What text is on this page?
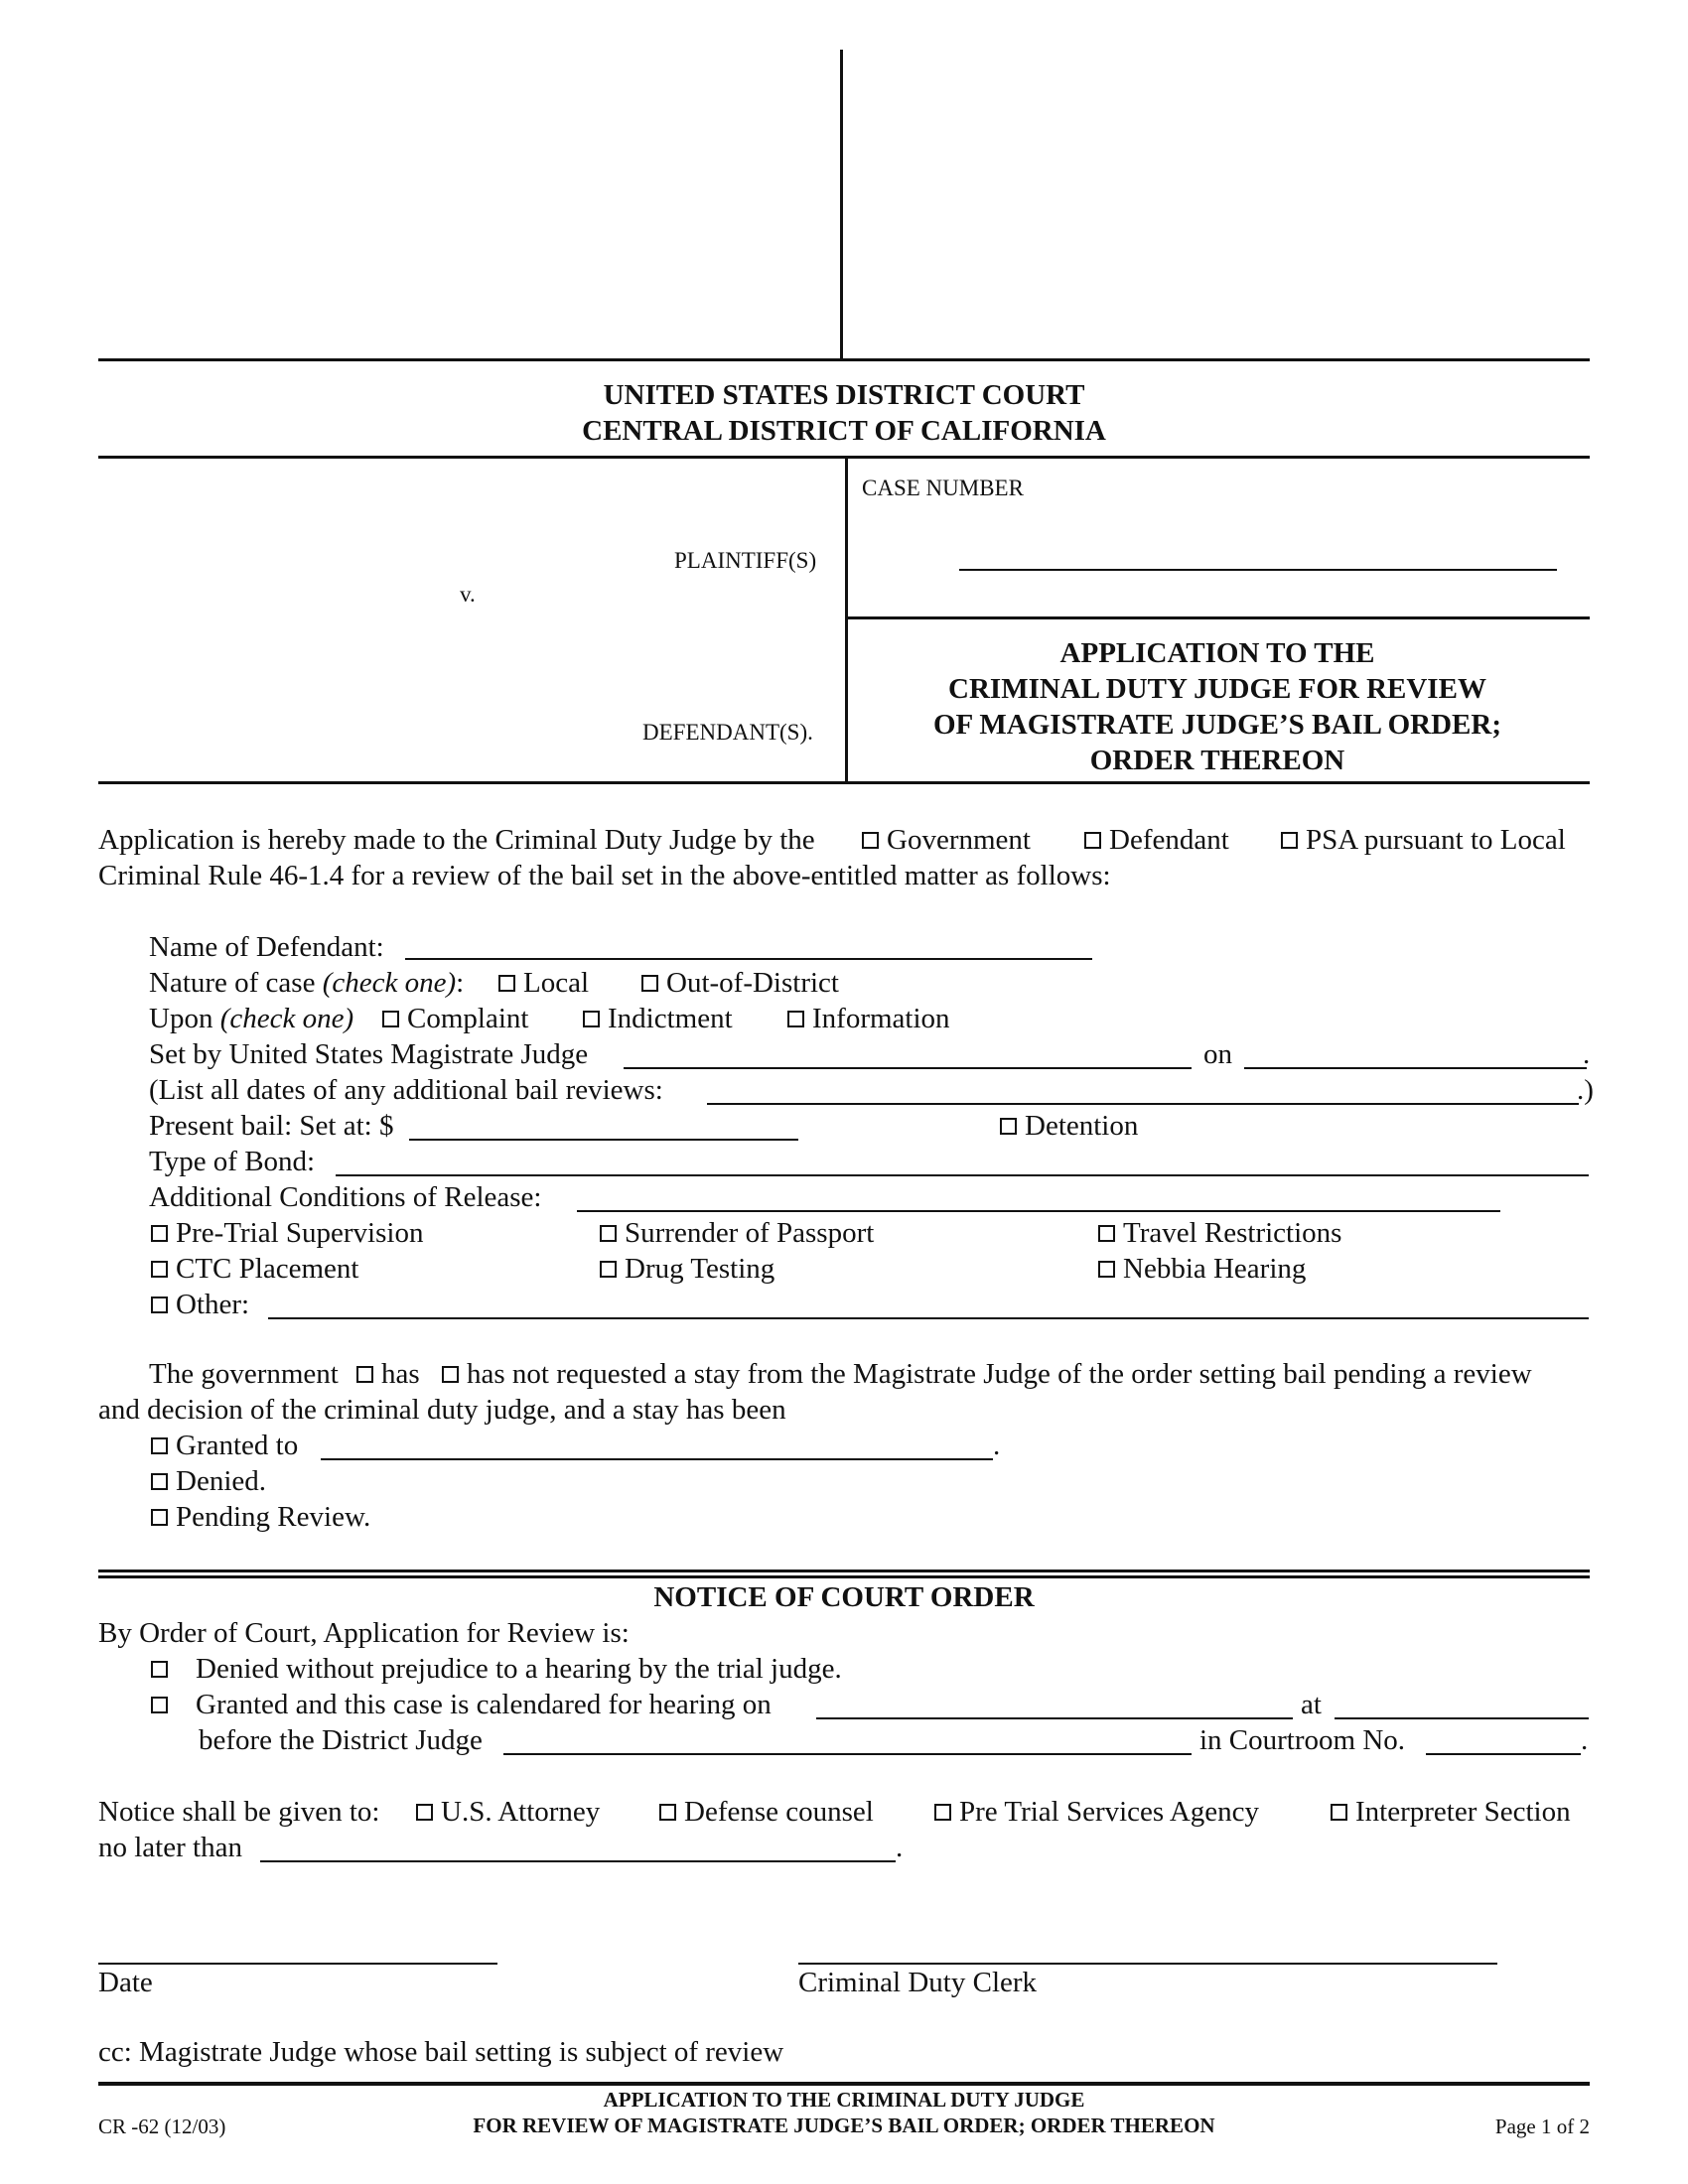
UNITED STATES DISTRICT COURT
CENTRAL DISTRICT OF CALIFORNIA
CASE NUMBER
PLAINTIFF(S)
v.
DEFENDANT(S).
APPLICATION TO THE
CRIMINAL DUTY JUDGE FOR REVIEW
OF MAGISTRATE JUDGE’S BAIL ORDER;
ORDER THEREON
Application is hereby made to the Criminal Duty Judge by the	Government	Defendant	PSA pursuant to Local
Criminal Rule 46-1.4 for a review of the bail set in the above-entitled matter as follows:
Name of Defendant:
Nature of case (check one):	Local	Out-of-District
Upon (check one)	Complaint	Indictment	Information
Set by United States Magistrate Judge	on	.
(List all dates of any additional bail reviews:	.)
Present bail: Set at: $	Detention
Type of Bond:
Additional Conditions of Release:
Pre-Trial Supervision	Surrender of Passport	Travel Restrictions
CTC Placement	Drug Testing	Nebbia Hearing
Other:
The government	has	has not requested a stay from the Magistrate Judge of the order setting bail pending a review
and decision of the criminal duty judge, and a stay has been
Granted to	.
Denied.
Pending Review.
NOTICE OF COURT ORDER
By Order of Court, Application for Review is:
Denied without prejudice to a hearing by the trial judge.
Granted and this case is calendared for hearing on	at
before the District Judge	in Courtroom No.	.
Notice shall be given to:	U.S. Attorney	Defense counsel	Pre Trial Services Agency	Interpreter Section
no later than	.
Date	Criminal Duty Clerk
cc: Magistrate Judge whose bail setting is subject of review
APPLICATION TO THE CRIMINAL DUTY JUDGE
FOR REVIEW OF MAGISTRATE JUDGE’S BAIL ORDER; ORDER THEREON
CR -62 (12/03)	Page 1 of 2
